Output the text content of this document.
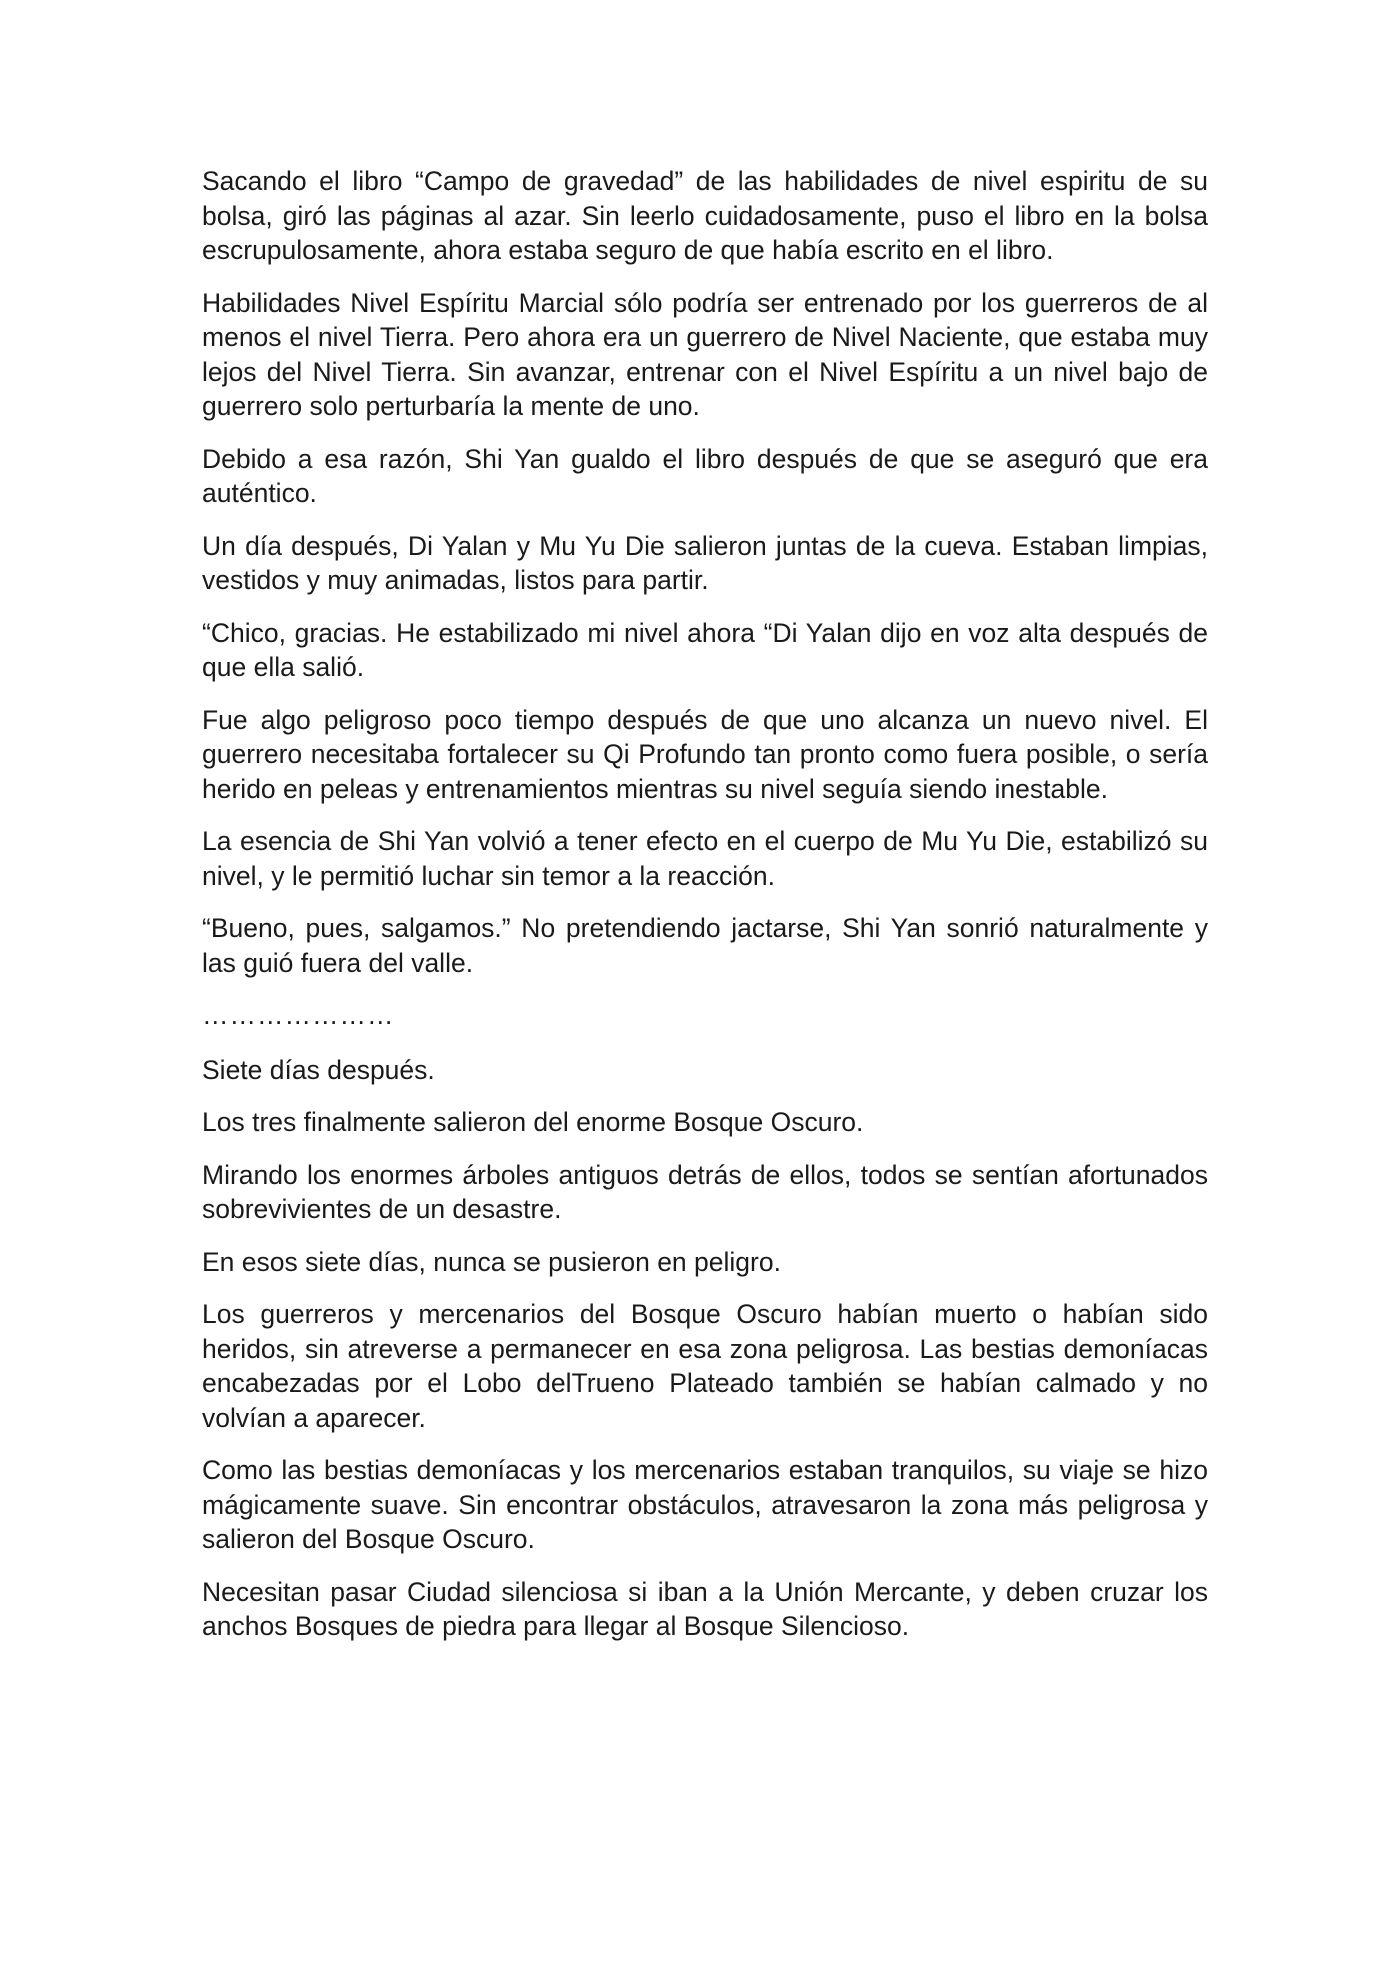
Sacando el libro “Campo de gravedad” de las habilidades de nivel espiritu de su bolsa, giró las páginas al azar. Sin leerlo cuidadosamente, puso el libro en la bolsa escrupulosamente, ahora estaba seguro de que había escrito en el libro.

Habilidades Nivel Espíritu Marcial sólo podría ser entrenado por los guerreros de al menos el nivel Tierra. Pero ahora era un guerrero de Nivel Naciente, que estaba muy lejos del Nivel Tierra. Sin avanzar, entrenar con el Nivel Espíritu a un nivel bajo de guerrero solo perturbaría la mente de uno.

Debido a esa razón, Shi Yan gualdo el libro después de que se aseguró que era auténtico.

Un día después, Di Yalan y Mu Yu Die salieron juntas de la cueva. Estaban limpias, vestidos y muy animadas, listos para partir.

“Chico, gracias. He estabilizado mi nivel ahora “Di Yalan dijo en voz alta después de que ella salió.

Fue algo peligroso poco tiempo después de que uno alcanza un nuevo nivel. El guerrero necesitaba fortalecer su Qi Profundo tan pronto como fuera posible, o sería herido en peleas y entrenamientos mientras su nivel seguía siendo inestable.

La esencia de Shi Yan volvió a tener efecto en el cuerpo de Mu Yu Die, estabilizó su nivel, y le permitió luchar sin temor a la reacción.

“Bueno, pues, salgamos.” No pretendiendo jactarse, Shi Yan sonrió naturalmente y las guió fuera del valle.

…………………

Siete días después.

Los tres finalmente salieron del enorme Bosque Oscuro.

Mirando los enormes árboles antiguos detrás de ellos, todos se sentían afortunados sobrevivientes de un desastre.

En esos siete días, nunca se pusieron en peligro.

Los guerreros y mercenarios del Bosque Oscuro habían muerto o habían sido heridos, sin atreverse a permanecer en esa zona peligrosa. Las bestias demoníacas encabezadas por el Lobo delTrueno Plateado también se habían calmado y no volvían a aparecer.

Como las bestias demoníacas y los mercenarios estaban tranquilos, su viaje se hizo mágicamente suave. Sin encontrar obstáculos, atravesaron la zona más peligrosa y salieron del Bosque Oscuro.

Necesitan pasar Ciudad silenciosa si iban a la Unión Mercante, y deben cruzar los anchos Bosques de piedra para llegar al Bosque Silencioso.
